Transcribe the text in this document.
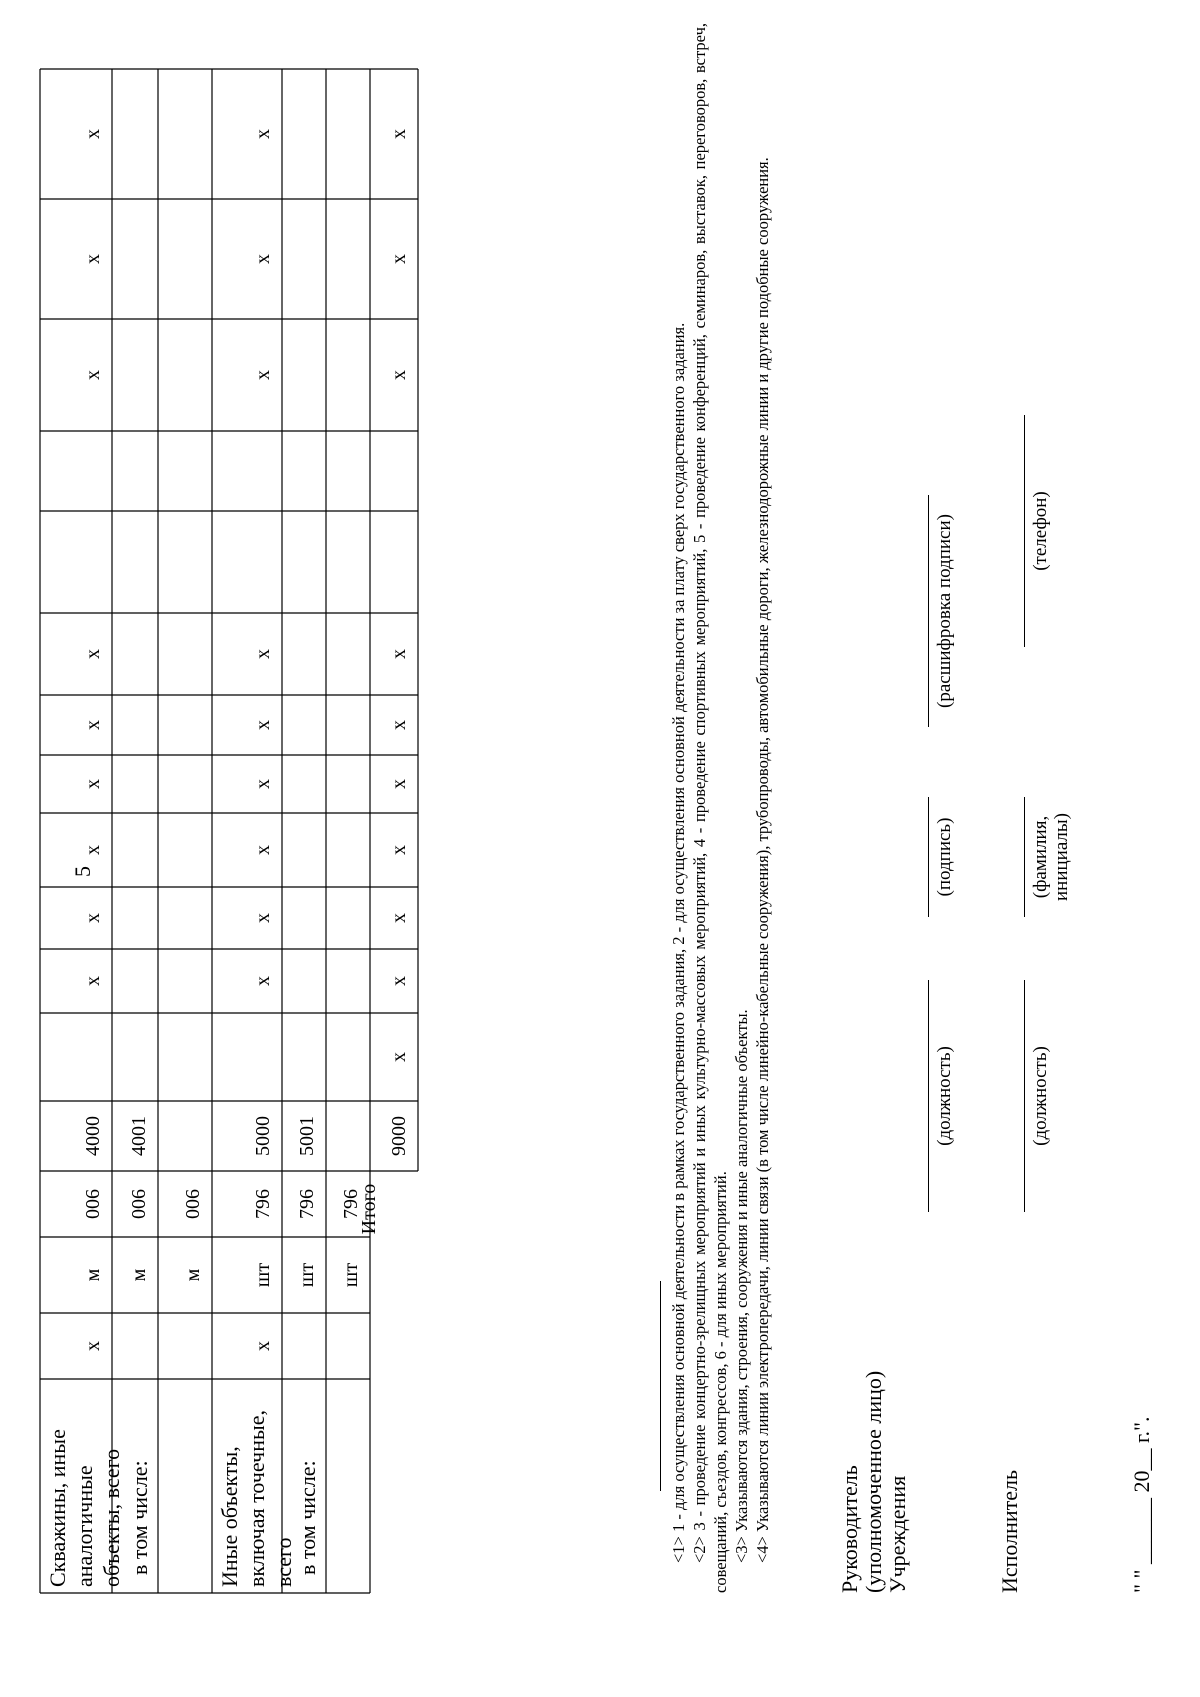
5
Скважины, иные аналогичные объекты, всего
х
м
006
4000
х
х
х
х
х
х
х
х
х
в том числе:
м
006
4001
м
006
Иные объекты, включая точечные, всего
х
шт
796
5000
х
х
х
х
х
х
х
х
х
в том числе:
шт
796
5001
шт
796
Итого
9000
х
х
х
х
х
х
х
х
х
х

<1> 1 - для осуществления основной деятельности в рамках государственного задания, 2 - для осуществления основной деятельности за плату сверх государственного задания. <2> 3 - проведение концертно-зрелищных мероприятий и иных культурно-массовых мероприятий, 4 - проведение спортивных мероприятий, 5 - проведение конференций, семинаров, выставок, переговоров, встреч, совещаний, съездов, конгрессов, 6 - для иных мероприятий. <3> Указываются здания, строения, сооружения и иные аналогичные объекты. <4> Указываются линии электропередачи, линии связи (в том числе линейно-кабельные сооружения), трубопроводы, автомобильные дороги, железнодорожные линии и другие подобные сооружения.	Руководитель (уполномоченное лицо) Учреждения
(должность)
(подпись)
(расшифровка подписи)
Исполнитель
(должность)
(фамилия, инициалы)
(телефон)
" " ______ 20__ г.".
